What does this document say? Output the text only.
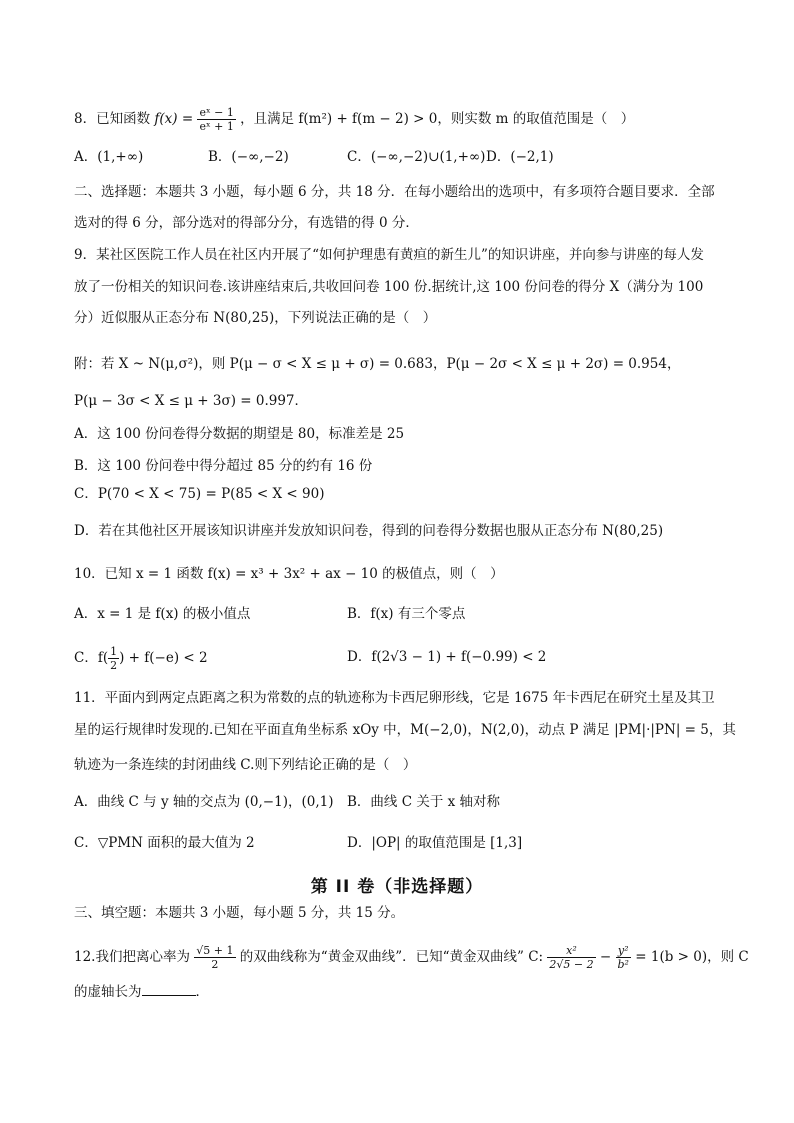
8．已知函数 $f(x) = \frac{\text{eˣ − 1}}{\text{eˣ + 1}}$ ，且满足 f(m²) + f(m − 2) > 0，则实数 m 的取值范围是（　）
A．(1,+∞)	B．(−∞,−2)	C．(−∞,−2)∪(1,+∞) D．(−2,1)
二、选择题：本题共 3 小题，每小题 6 分，共 18 分．在每小题给出的选项中，有多项符合题目要求．全部
选对的得 6 分，部分选对的得部分分，有选错的得 0 分．
9．某社区医院工作人员在社区内开展了“如何护理患有黄疸的新生儿”的知识讲座，并向参与讲座的每人发
放了一份相关的知识问卷.该讲座结束后,共收回问卷 100 份.据统计,这 100 份问卷的得分 X（满分为 100
分）近似服从正态分布 N(80,25)，下列说法正确的是（　）
附：若 X ~ N(μ,σ²)，则 P(μ − σ < X ≤ μ + σ) = 0.683，P(μ − 2σ < X ≤ μ + 2σ) = 0.954，
P(μ − 3σ < X ≤ μ + 3σ) = 0.997．
A．这 100 份问卷得分数据的期望是 80，标准差是 25
B．这 100 份问卷中得分超过 85 分的约有 16 份
C．P(70 < X < 75) = P(85 < X < 90)
D．若在其他社区开展该知识讲座并发放知识问卷，得到的问卷得分数据也服从正态分布 N(80,25)
10．已知 x = 1 函数 f(x) = x³ + 3x² + ax − 10 的极值点，则（　）
A．x = 1 是 f(x) 的极小值点	B．f(x) 有三个零点
C．$f( \frac{1}{2}$ ) + f(−e) < 2	D．f(2√3 − 1) + f(−0.99) < 2
11．平面内到两定点距离之积为常数的点的轨迹称为卡西尼卵形线，它是 1675 年卡西尼在研究土星及其卫
星的运行规律时发现的.已知在平面直角坐标系 xOy 中，M(−2,0)，N(2,0)，动点 P 满足 |PM|·|PN| = 5，其
轨迹为一条连续的封闭曲线 C.则下列结论正确的是（　）
A．曲线 C 与 y 轴的交点为 (0,−1)，(0,1) B．曲线 C 关于 x 轴对称
C．▽PMN 面积的最大值为 2	D．|OP| 的取值范围是 [1,3]
第 II 卷（非选择题）
三、填空题：本题共 3 小题，每小题 5 分，共 15 分。
12.我们把离心率为 $\frac{√5 + 1}{2}$ 的双曲线称为“黄金双曲线”．已知“黄金双曲线” C: $\frac{\text{x²}}{2√5 - 2} - \frac{\text{y²}}{\text{b²}} = 1(b > 0)$，则 C
的虚轴长为	．
